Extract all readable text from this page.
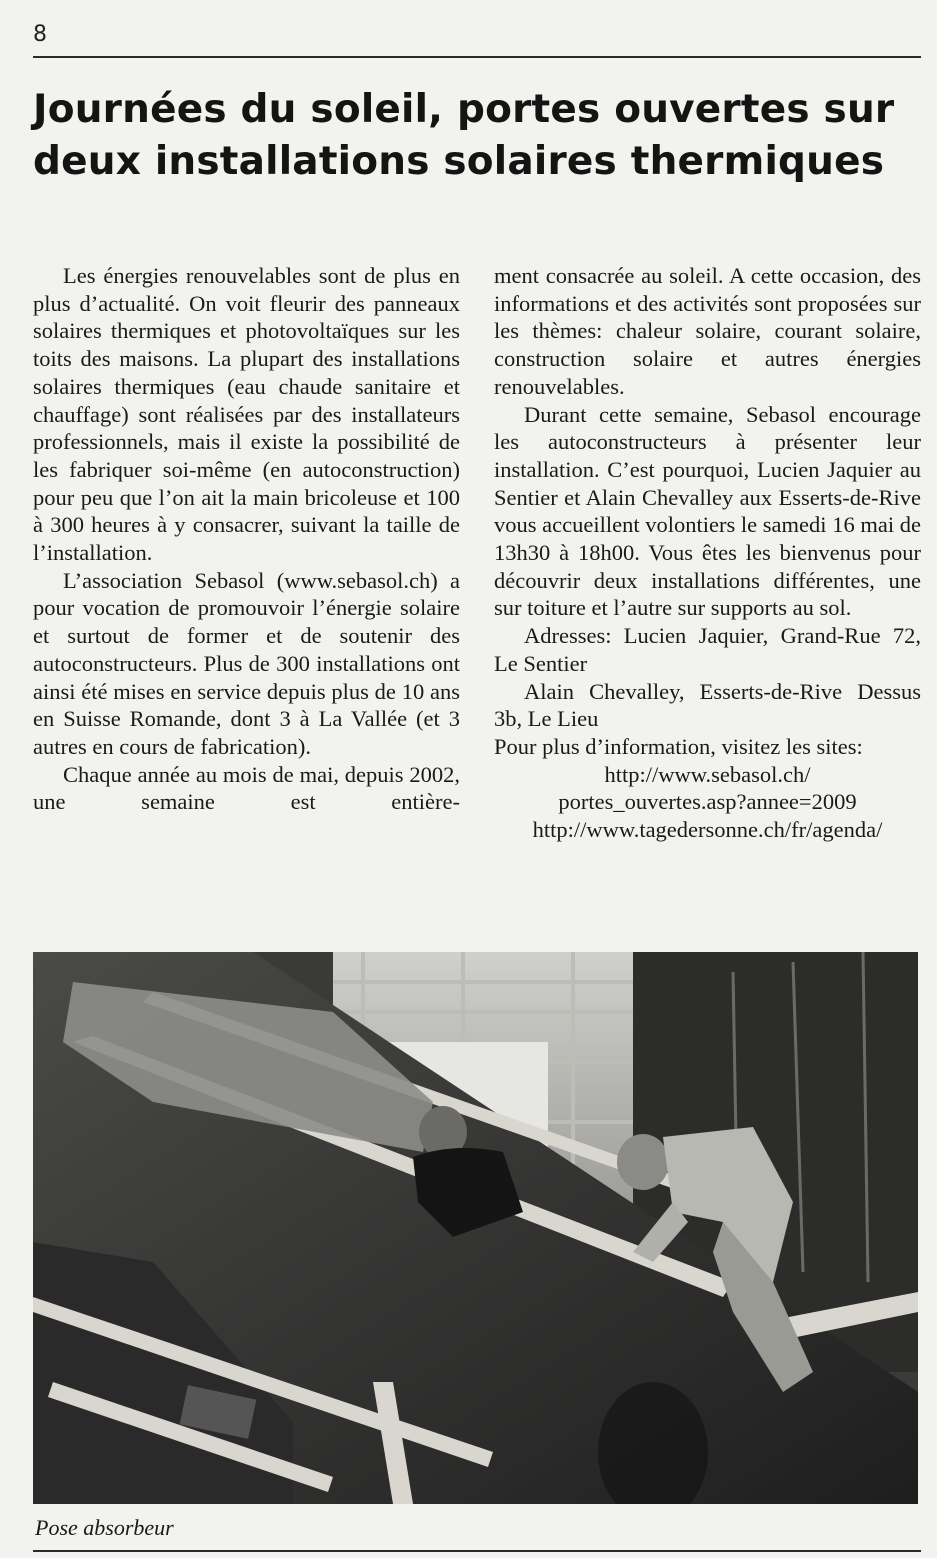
8
Journées du soleil, portes ouvertes sur deux installations solaires thermiques

Les énergies renouvelables sont de plus en plus d’actualité. On voit fleurir des panneaux solaires thermiques et photovoltaïques sur les toits des maisons. La plupart des installations solaires thermiques (eau chaude sanitaire et chauffage) sont réalisées par des installateurs professionnels, mais il existe la possibilité de les fabriquer soi-même (en autoconstruction) pour peu que l’on ait la main bricoleuse et 100 à 300 heures à y consacrer, suivant la taille de l’installation.

L’association Sebasol (www.sebasol.ch) a pour vocation de promouvoir l’énergie solaire et surtout de former et de soutenir des autoconstructeurs. Plus de 300 installations ont ainsi été mises en service depuis plus de 10 ans en Suisse Romande, dont 3 à La Vallée (et 3 autres en cours de fabrication).

Chaque année au mois de mai, depuis 2002, une semaine est entière-

ment consacrée au soleil. A cette occasion, des informations et des activités sont proposées sur les thèmes: chaleur solaire, courant solaire, construction solaire et autres énergies renouvelables.

Durant cette semaine, Sebasol encourage les autoconstructeurs à présenter leur installation. C’est pourquoi, Lucien Jaquier au Sentier et Alain Chevalley aux Esserts-de-Rive vous accueillent volontiers le samedi 16 mai de 13h30 à 18h00. Vous êtes les bienvenus pour découvrir deux installations différentes, une sur toiture et l’autre sur supports au sol.

Adresses: Lucien Jaquier, Grand-Rue 72, Le Sentier

Alain Chevalley, Esserts-de-Rive Dessus 3b, Le Lieu

Pour plus d’information, visitez les sites:

http://www.sebasol.ch/

portes_ouvertes.asp?annee=2009

http://www.tagedersonne.ch/fr/agenda/

Pose absorbeur
